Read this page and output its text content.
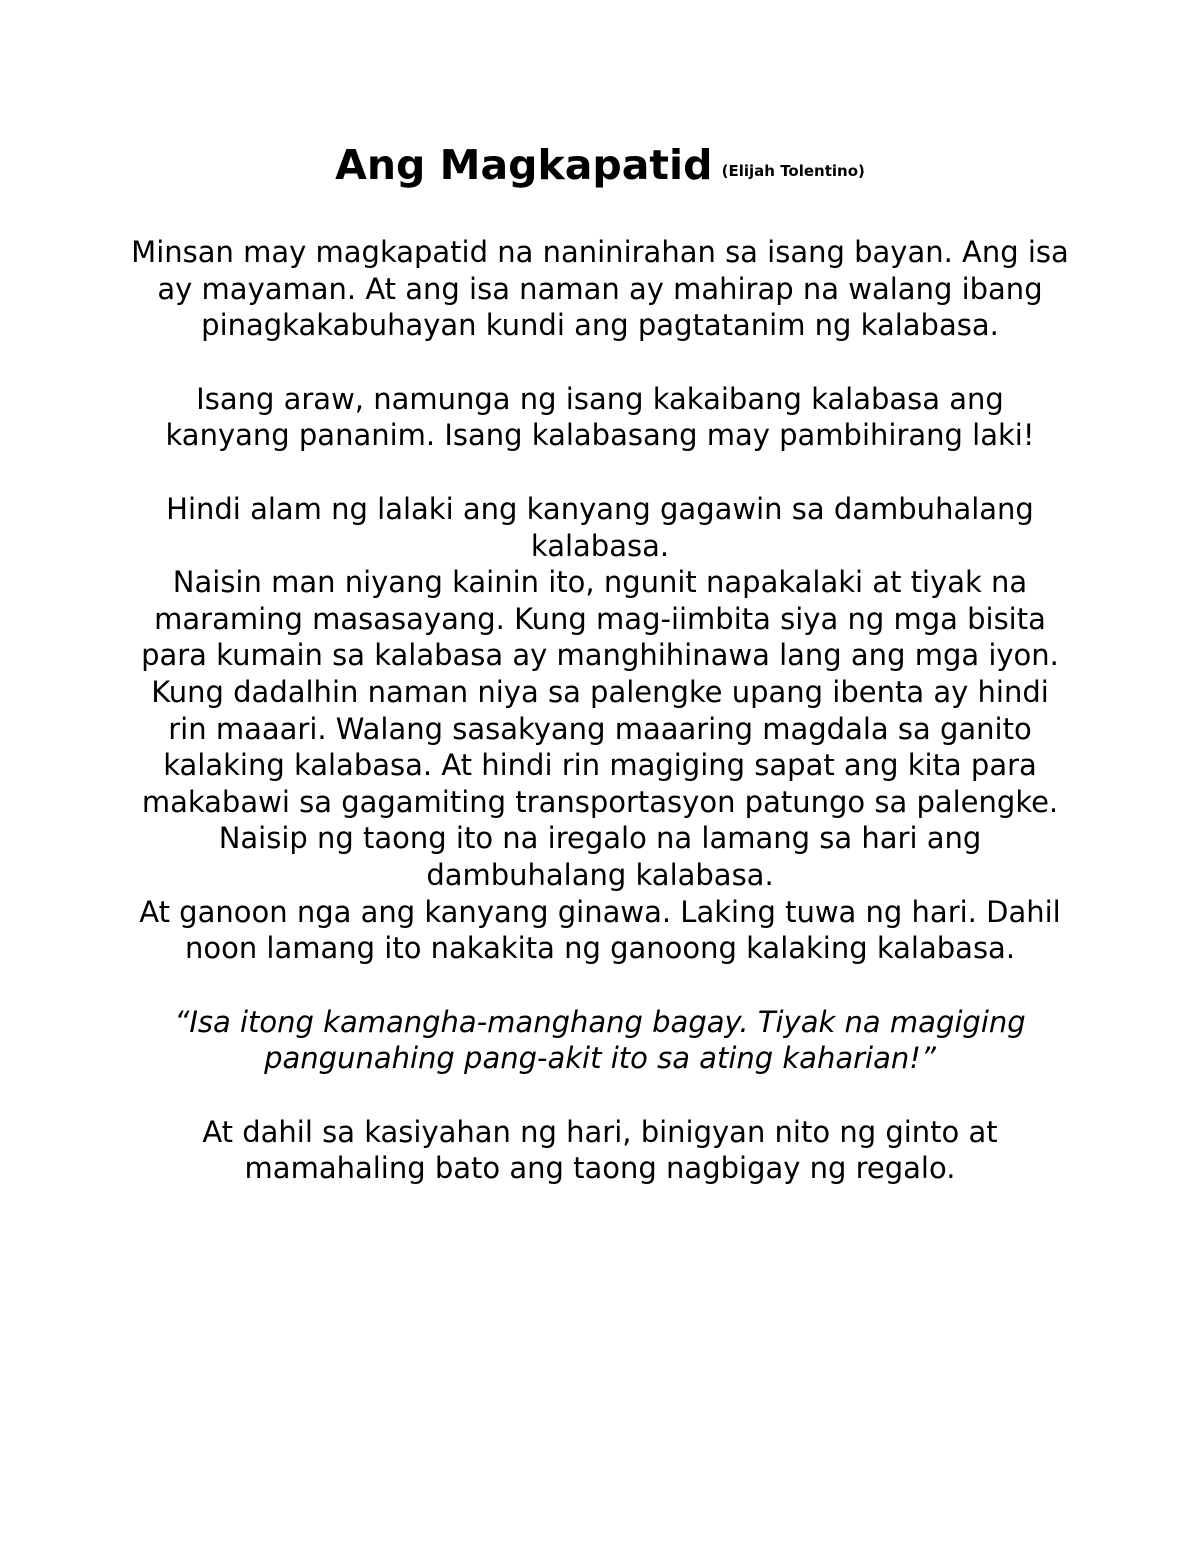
Ang Magkapatid (Elijah Tolentino)

Minsan may magkapatid na naninirahan sa isang bayan. Ang isa ay mayaman. At ang isa naman ay mahirap na walang ibang pinagkakabuhayan kundi ang pagtatanim ng kalabasa.

Isang araw, namunga ng isang kakaibang kalabasa ang kanyang pananim. Isang kalabasang may pambihirang laki!

Hindi alam ng lalaki ang kanyang gagawin sa dambuhalang kalabasa.

Naisin man niyang kainin ito, ngunit napakalaki at tiyak na maraming masasayang. Kung mag-iimbita siya ng mga bisita para kumain sa kalabasa ay manghihinawa lang ang mga iyon. Kung dadalhin naman niya sa palengke upang ibenta ay hindi rin maaari. Walang sasakyang maaaring magdala sa ganito kalaking kalabasa. At hindi rin magiging sapat ang kita para makabawi sa gagamiting transportasyon patungo sa palengke.

Naisip ng taong ito na iregalo na lamang sa hari ang dambuhalang kalabasa.

At ganoon nga ang kanyang ginawa. Laking tuwa ng hari. Dahil noon lamang ito nakakita ng ganoong kalaking kalabasa.

“Isa itong kamangha-manghang bagay. Tiyak na magiging pangunahing pang-akit ito sa ating kaharian!”

At dahil sa kasiyahan ng hari, binigyan nito ng ginto at mamahaling bato ang taong nagbigay ng regalo.
